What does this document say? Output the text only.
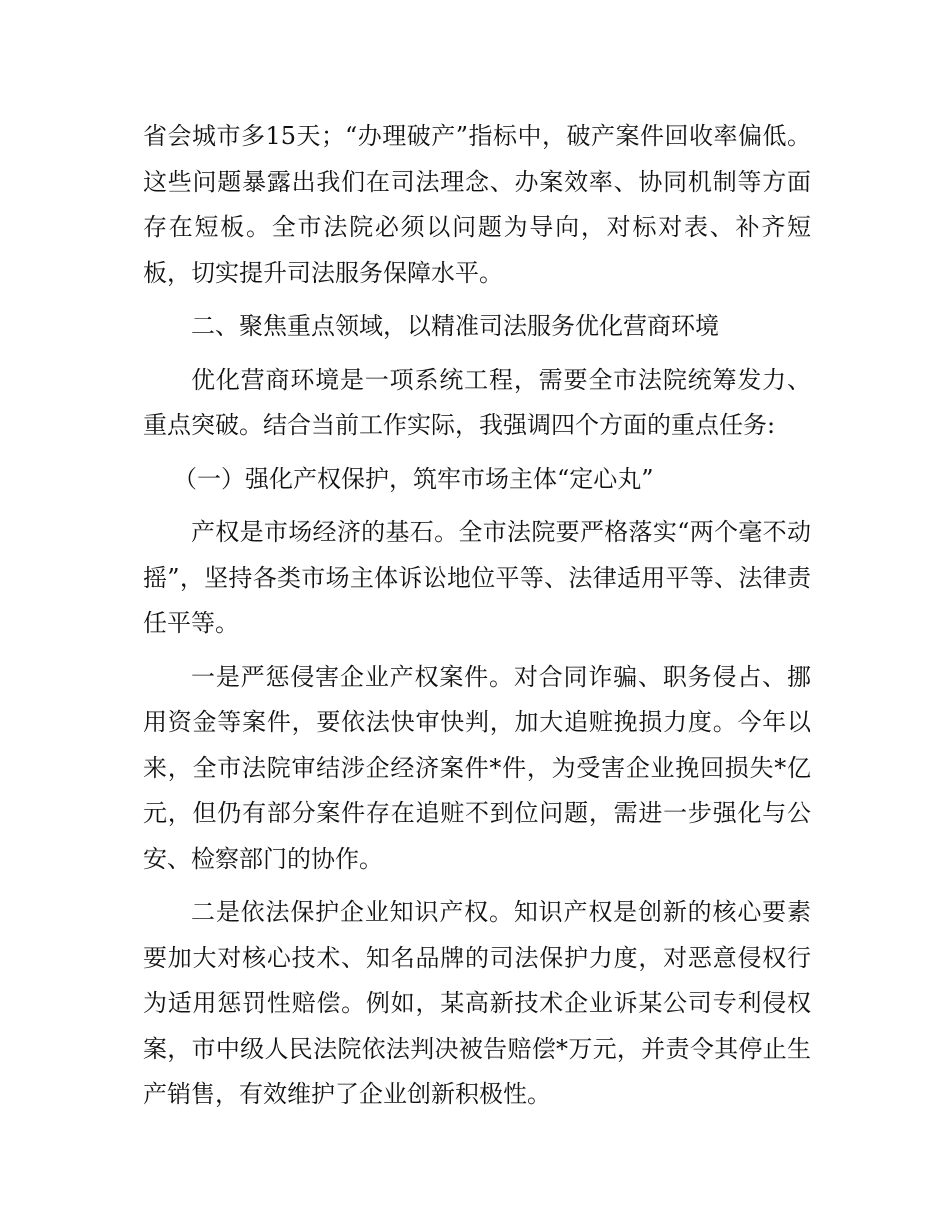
省会城市多15天；“办理破产”指标中，破产案件回收率偏低。这些问题暴露出我们在司法理念、办案效率、协同机制等方面存在短板。全市法院必须以问题为导向，对标对表、补齐短板，切实提升司法服务保障水平。

二、聚焦重点领域，以精准司法服务优化营商环境

优化营商环境是一项系统工程，需要全市法院统筹发力、重点突破。结合当前工作实际，我强调四个方面的重点任务:

（一）强化产权保护，筑牢市场主体“定心丸”

产权是市场经济的基石。全市法院要严格落实“两个毫不动摇”，坚持各类市场主体诉讼地位平等、法律适用平等、法律责任平等。

一是严惩侵害企业产权案件。对合同诈骗、职务侵占、挪用资金等案件，要依法快审快判，加大追赃挽损力度。今年以来，全市法院审结涉企经济案件*件，为受害企业挽回损失*亿元，但仍有部分案件存在追赃不到位问题，需进一步强化与公安、检察部门的协作。

二是依法保护企业知识产权。知识产权是创新的核心要素要加大对核心技术、知名品牌的司法保护力度，对恶意侵权行为适用惩罚性赔偿。例如，某高新技术企业诉某公司专利侵权案，市中级人民法院依法判决被告赔偿*万元，并责令其停止生产销售，有效维护了企业创新积极性。
